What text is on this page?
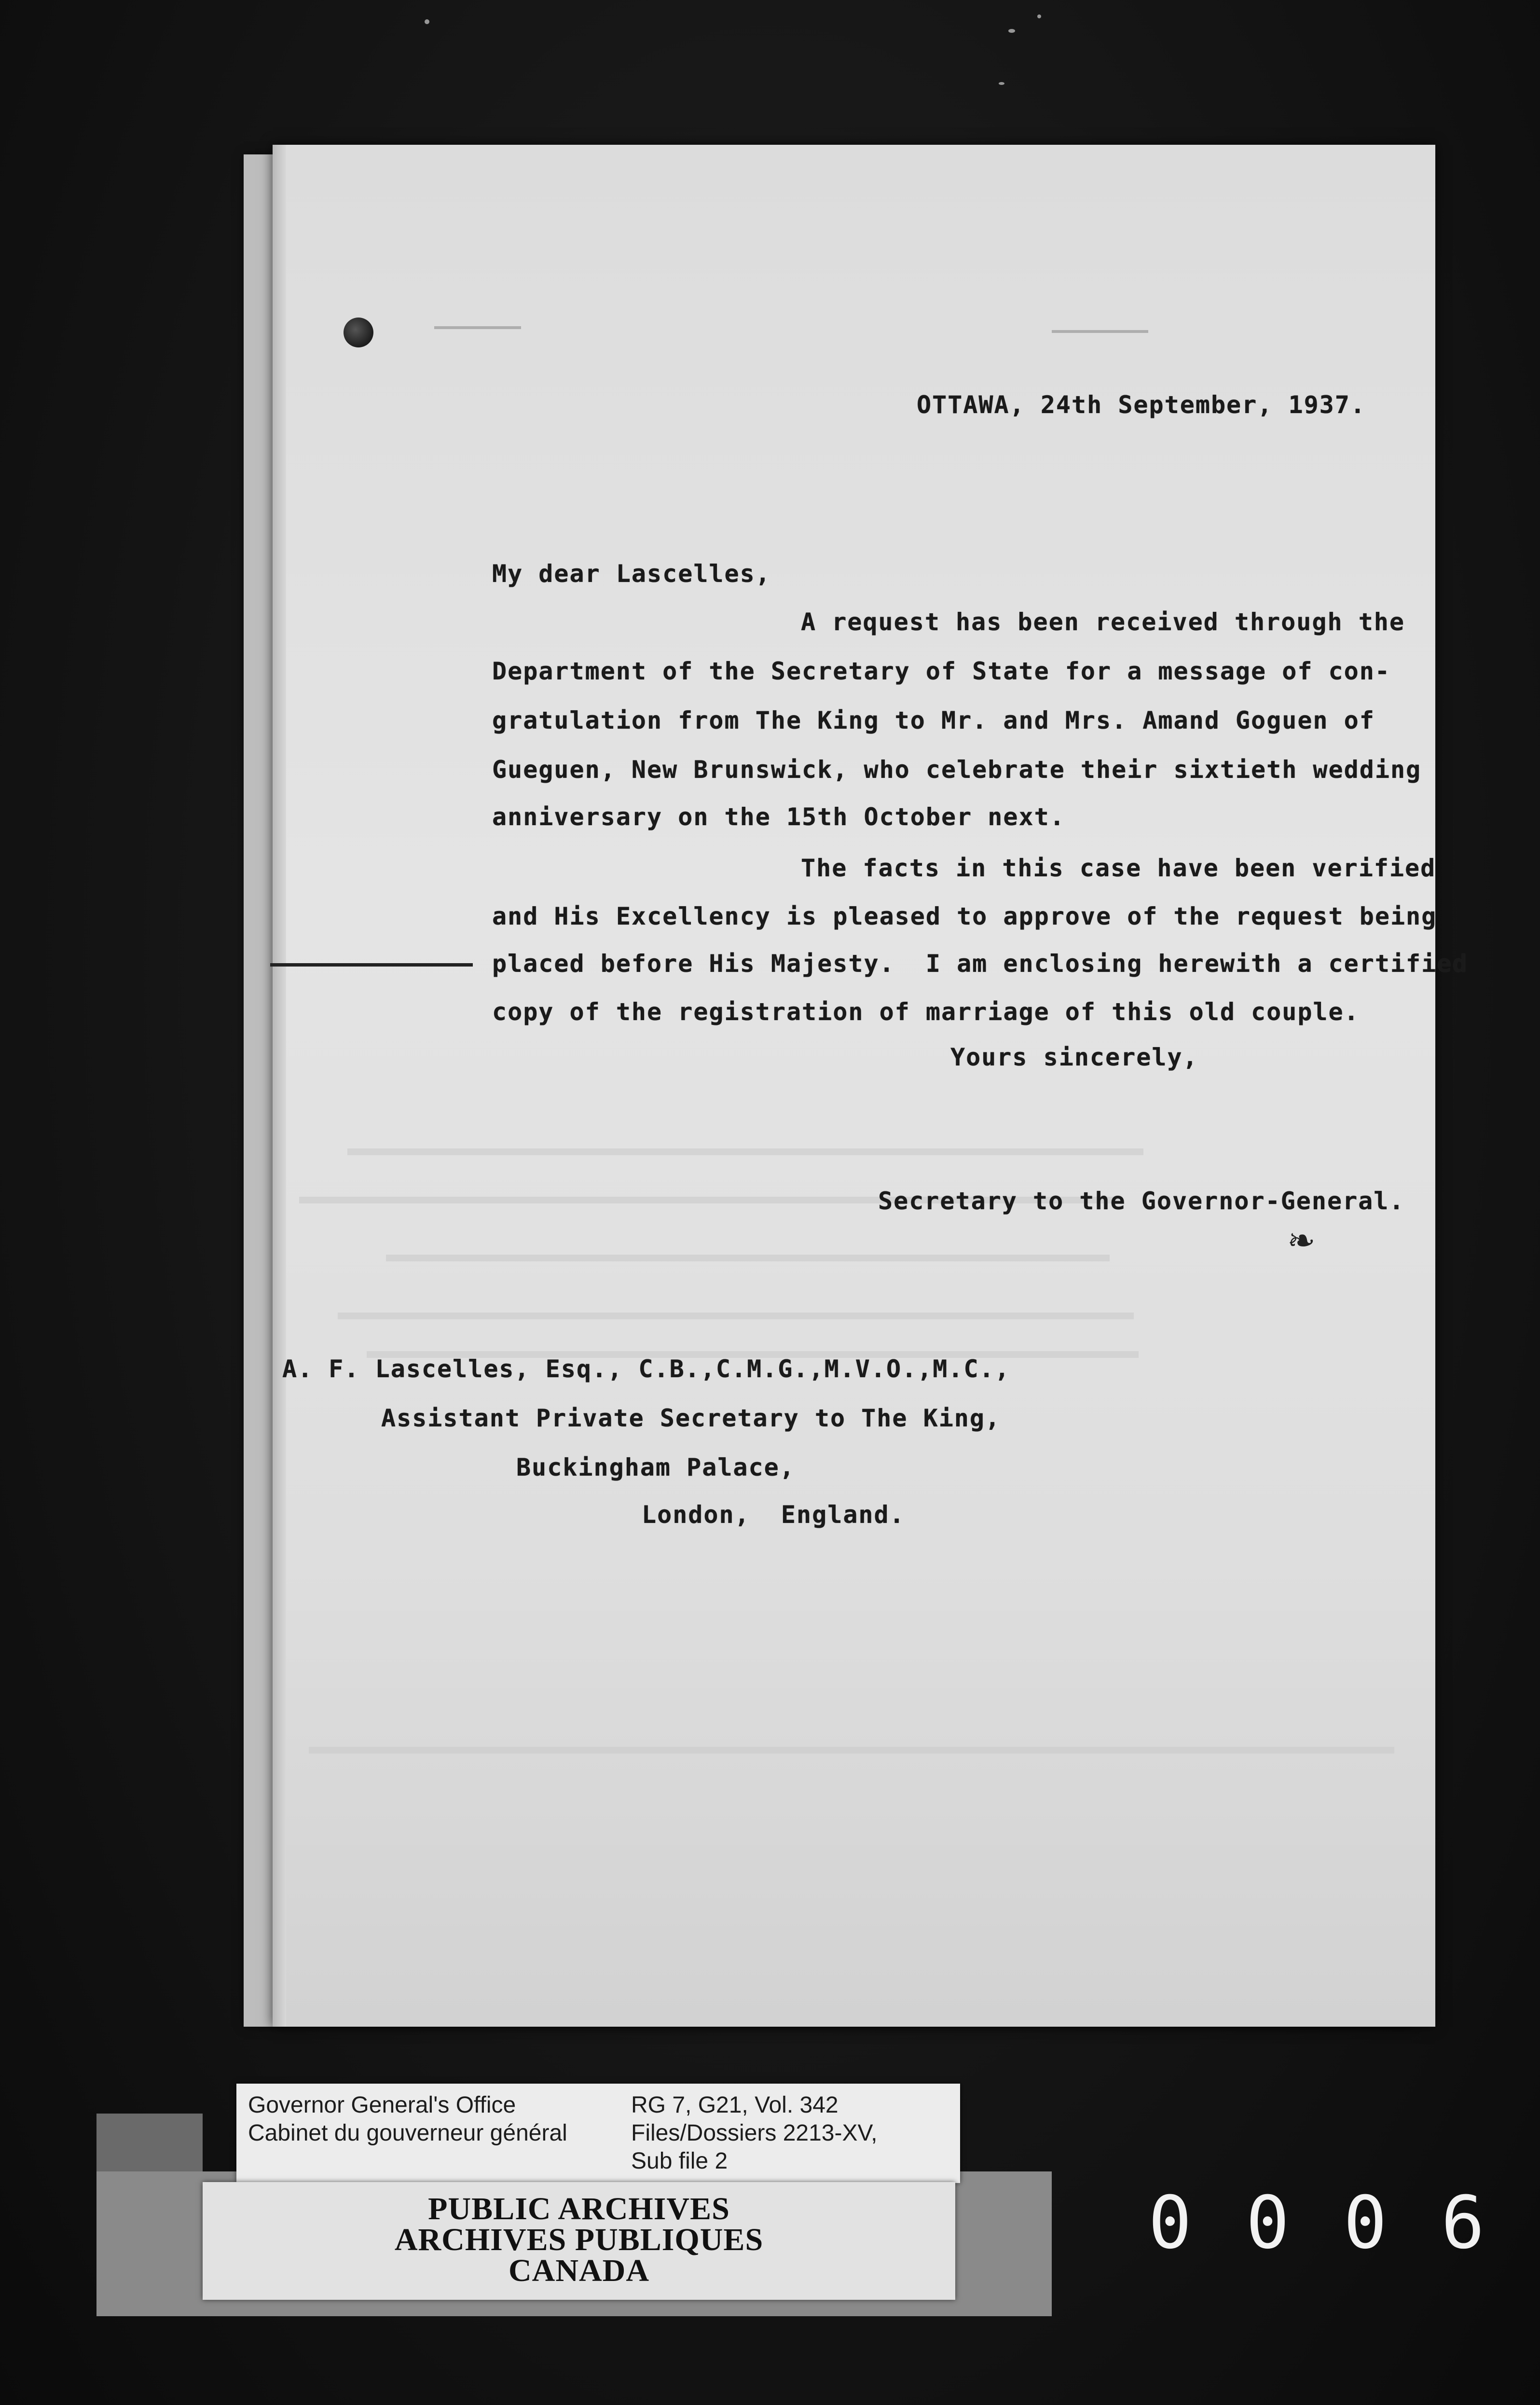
OTTAWA, 24th September, 1937.
My dear Lascelles,
A request has been received through the
Department of the Secretary of State for a message of con-
gratulation from The King to Mr. and Mrs. Amand Goguen of
Gueguen, New Brunswick, who celebrate their sixtieth wedding
anniversary on the 15th October next.
The facts in this case have been verified
and His Excellency is pleased to approve of the request being
placed before His Majesty.  I am enclosing herewith a certified
copy of the registration of marriage of this old couple.
Yours sincerely,
Secretary to the Governor-General.
❧
A. F. Lascelles, Esq., C.B.,C.M.G.,M.V.O.,M.C.,
Assistant Private Secretary to The King,
Buckingham Palace,
London,  England.
Governor General's Office
Cabinet du gouverneur général
RG 7, G21, Vol. 342
Files/Dossiers 2213-XV,
Sub file 2
PUBLIC ARCHIVES
ARCHIVES PUBLIQUES
CANADA
0006
